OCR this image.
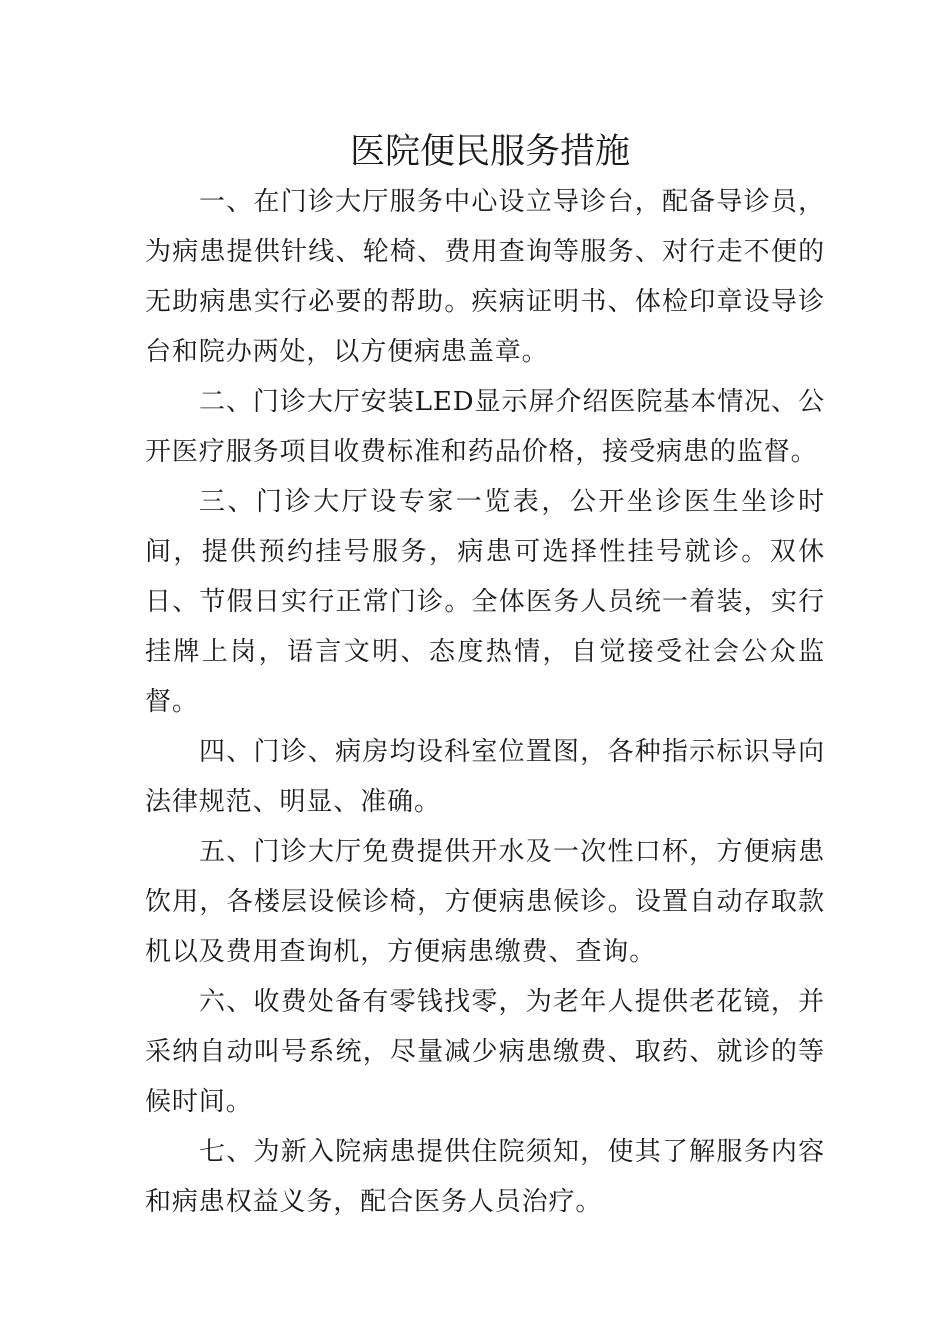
医院便民服务措施

一、在门诊大厅服务中心设立导诊台，配备导诊员，为病患提供针线、轮椅、费用查询等服务、对行走不便的无助病患实行必要的帮助。疾病证明书、体检印章设导诊台和院办两处，以方便病患盖章。

二、门诊大厅安装LED显示屏介绍医院基本情况、公开医疗服务项目收费标准和药品价格，接受病患的监督。

三、门诊大厅设专家一览表，公开坐诊医生坐诊时间，提供预约挂号服务，病患可选择性挂号就诊。双休日、节假日实行正常门诊。全体医务人员统一着装，实行挂牌上岗，语言文明、态度热情，自觉接受社会公众监督。

四、门诊、病房均设科室位置图，各种指示标识导向法律规范、明显、准确。

五、门诊大厅免费提供开水及一次性口杯，方便病患饮用，各楼层设候诊椅，方便病患候诊。设置自动存取款机以及费用查询机，方便病患缴费、查询。

六、收费处备有零钱找零，为老年人提供老花镜，并采纳自动叫号系统，尽量减少病患缴费、取药、就诊的等候时间。

七、为新入院病患提供住院须知，使其了解服务内容和病患权益义务，配合医务人员治疗。
